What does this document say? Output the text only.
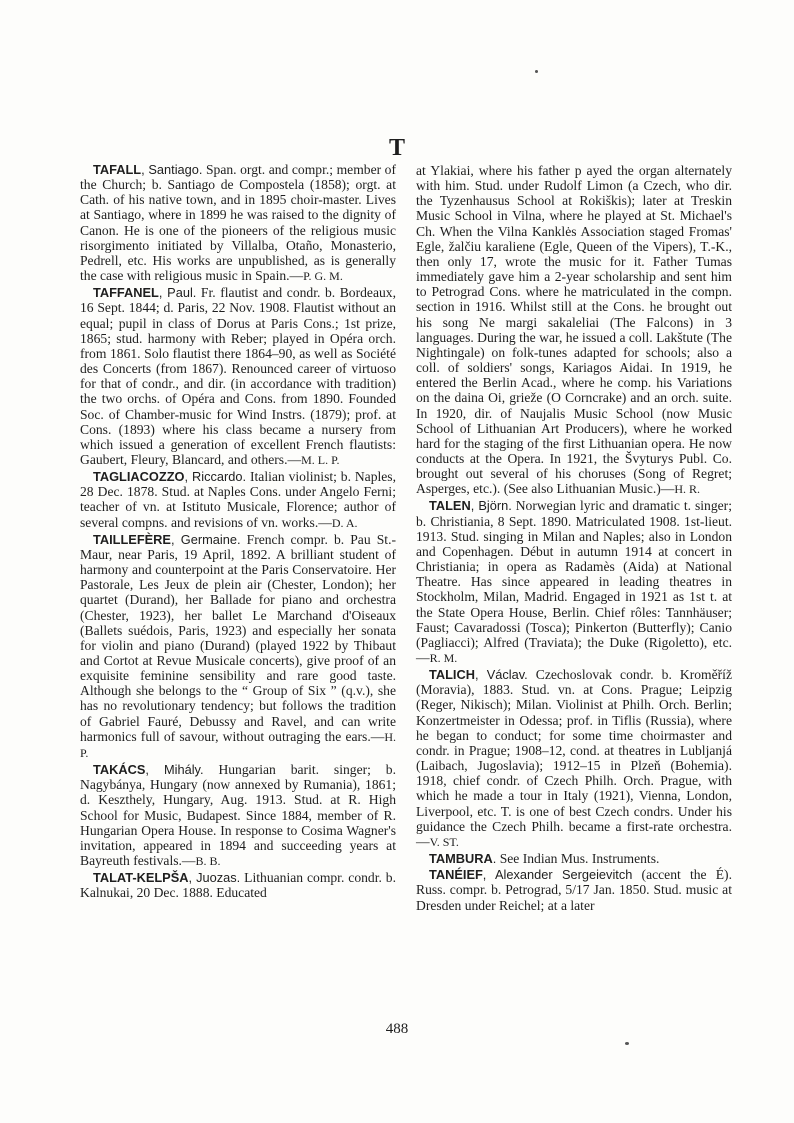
T

TAFALL, Santiago. Span. orgt. and compr.; member of the Church; b. Santiago de Compostela (1858); orgt. at Cath. of his native town, and in 1895 choir-master. Lives at Santiago, where in 1899 he was raised to the dignity of Canon. He is one of the pioneers of the religious music risorgimento initiated by Villalba, Otaño, Monasterio, Pedrell, etc. His works are unpublished, as is generally the case with religious music in Spain.—P. G. M.

TAFFANEL, Paul. Fr. flautist and condr. b. Bordeaux, 16 Sept. 1844; d. Paris, 22 Nov. 1908. Flautist without an equal; pupil in class of Dorus at Paris Cons.; 1st prize, 1865; stud. harmony with Reber; played in Opéra orch. from 1861. Solo flautist there 1864–90, as well as Société des Concerts (from 1867). Renounced career of virtuoso for that of condr., and dir. (in accordance with tradition) the two orchs. of Opéra and Cons. from 1890. Founded Soc. of Chamber-music for Wind Instrs. (1879); prof. at Cons. (1893) where his class became a nursery from which issued a generation of excellent French flautists: Gaubert, Fleury, Blancard, and others.—M. L. P.

TAGLIACOZZO, Riccardo. Italian violinist; b. Naples, 28 Dec. 1878. Stud. at Naples Cons. under Angelo Ferni; teacher of vn. at Istituto Musicale, Florence; author of several compns. and revisions of vn. works.—D. A.

TAILLEFÈRE, Germaine. French compr. b. Pau St.-Maur, near Paris, 19 April, 1892. A brilliant student of harmony and counterpoint at the Paris Conservatoire. Her Pastorale, Les Jeux de plein air (Chester, London); her quartet (Durand), her Ballade for piano and orchestra (Chester, 1923), her ballet Le Marchand d'Oiseaux (Ballets suédois, Paris, 1923) and especially her sonata for violin and piano (Durand) (played 1922 by Thibaut and Cortot at Revue Musicale concerts), give proof of an exquisite feminine sensibility and rare good taste. Although she belongs to the “ Group of Six ” (q.v.), she has no revolutionary tendency; but follows the tradition of Gabriel Fauré, Debussy and Ravel, and can write harmonics full of savour, without outraging the ears.—H. P.

TAKÁCS, Mihály. Hungarian barit. singer; b. Nagybánya, Hungary (now annexed by Rumania), 1861; d. Keszthely, Hungary, Aug. 1913. Stud. at R. High School for Music, Budapest. Since 1884, member of R. Hungarian Opera House. In response to Cosima Wagner's invitation, appeared in 1894 and succeeding years at Bayreuth festivals.—B. B.

TALAT-KELPŠA, Juozas. Lithuanian compr. condr. b. Kalnukai, 20 Dec. 1888. Educated

at Ylakiai, where his father p ayed the organ alternately with him. Stud. under Rudolf Limon (a Czech, who dir. the Tyzenhausus School at Rokiškis); later at Treskin Music School in Vilna, where he played at St. Michael's Ch. When the Vilna Kanklės Association staged Fromas' Egle, žalčiu karaliene (Egle, Queen of the Vipers), T.-K., then only 17, wrote the music for it. Father Tumas immediately gave him a 2-year scholarship and sent him to Petrograd Cons. where he matriculated in the compn. section in 1916. Whilst still at the Cons. he brought out his song Ne margi sakaleliai (The Falcons) in 3 languages. During the war, he issued a coll. Lakštute (The Nightingale) on folk-tunes adapted for schools; also a coll. of soldiers' songs, Kariagos Aidai. In 1919, he entered the Berlin Acad., where he comp. his Variations on the daina Oi, grieže (O Corncrake) and an orch. suite. In 1920, dir. of Naujalis Music School (now Music School of Lithuanian Art Producers), where he worked hard for the staging of the first Lithuanian opera. He now conducts at the Opera. In 1921, the Švyturys Publ. Co. brought out several of his choruses (Song of Regret; Asperges, etc.). (See also Lithuanian Music.)—H. R.

TALEN, Björn. Norwegian lyric and dramatic t. singer; b. Christiania, 8 Sept. 1890. Matriculated 1908. 1st-lieut. 1913. Stud. singing in Milan and Naples; also in London and Copenhagen. Début in autumn 1914 at concert in Christiania; in opera as Radamès (Aida) at National Theatre. Has since appeared in leading theatres in Stockholm, Milan, Madrid. Engaged in 1921 as 1st t. at the State Opera House, Berlin. Chief rôles: Tannhäuser; Faust; Cavaradossi (Tosca); Pinkerton (Butterfly); Canio (Pagliacci); Alfred (Traviata); the Duke (Rigoletto), etc.—R. M.

TALICH, Václav. Czechoslovak condr. b. Kroměříž (Moravia), 1883. Stud. vn. at Cons. Prague; Leipzig (Reger, Nikisch); Milan. Violinist at Philh. Orch. Berlin; Konzertmeister in Odessa; prof. in Tiflis (Russia), where he began to conduct; for some time choirmaster and condr. in Prague; 1908–12, cond. at theatres in Lubljanjá (Laibach, Jugoslavia); 1912–15 in Plzeň (Bohemia). 1918, chief condr. of Czech Philh. Orch. Prague, with which he made a tour in Italy (1921), Vienna, London, Liverpool, etc. T. is one of best Czech condrs. Under his guidance the Czech Philh. became a first-rate orchestra.—V. ST.

TAMBURA. See Indian Mus. Instruments.

TANÉIEF, Alexander Sergeievitch (accent the É). Russ. compr. b. Petrograd, 5/17 Jan. 1850. Stud. music at Dresden under Reichel; at a later

488
